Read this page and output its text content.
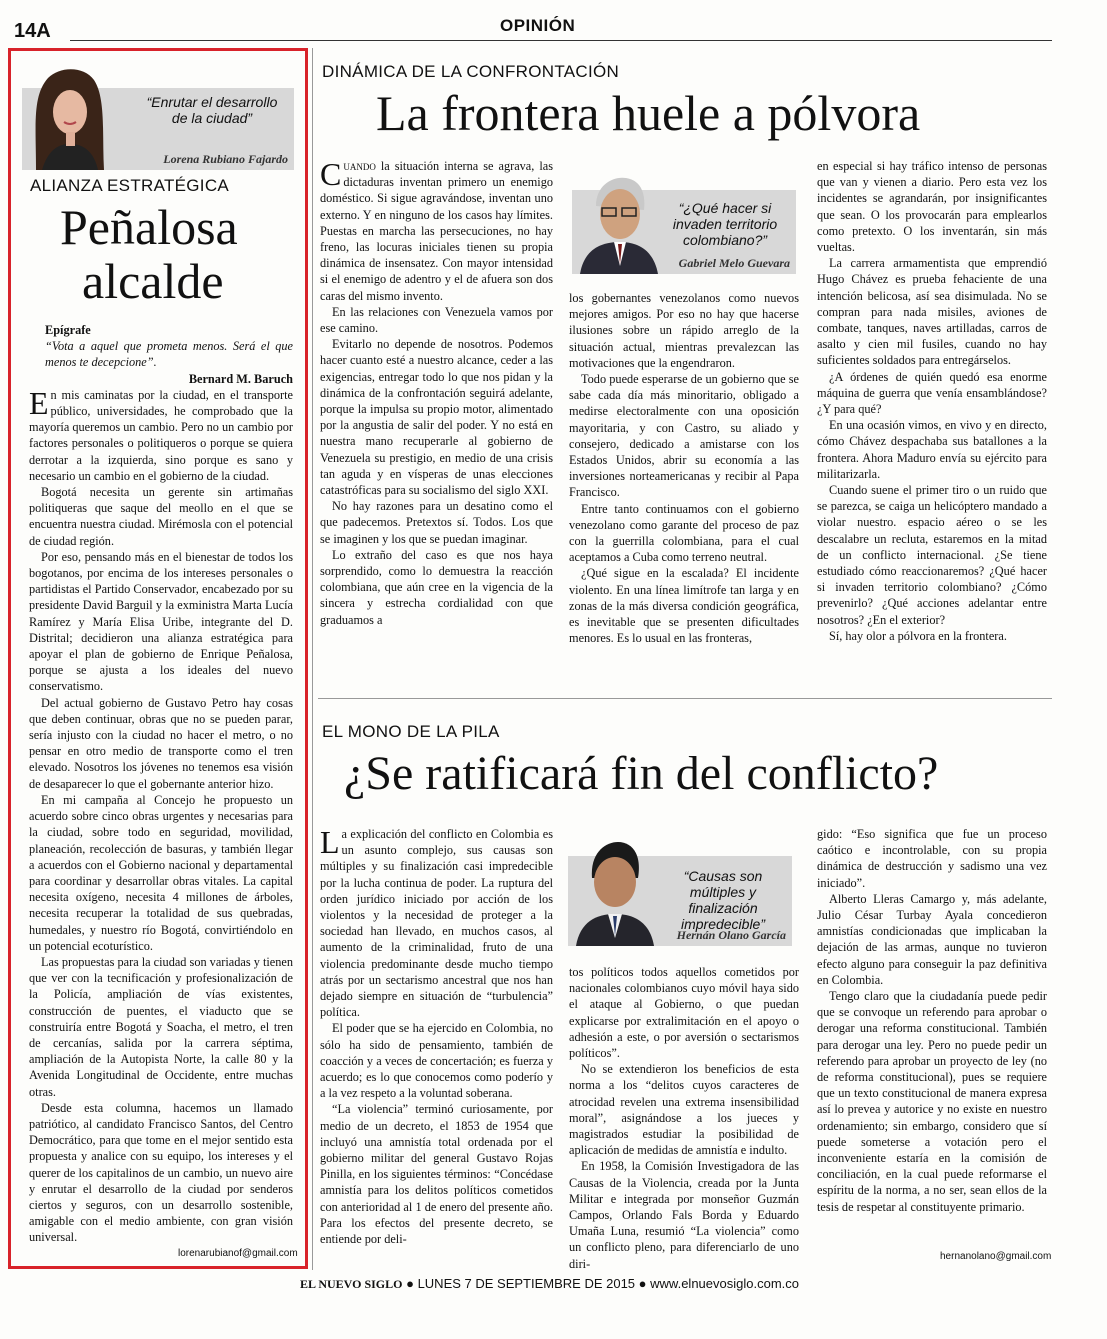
14A	OPINIÓN
“Enrutar el desarrollo de la ciudad”
Lorena Rubiano Fajardo
ALIANZA ESTRATÉGICA
Peñalosa
alcalde
Epígrafe
“Vota a aquel que prometa menos. Será el que menos te decepcione”.
Bernard M. Baruch

En mis caminatas por la ciudad, en el transporte público, universidades, he comprobado que la mayoría queremos un cambio. Pero no un cambio por factores personales o politiqueros o porque se quiera derrotar a la izquierda, sino porque es sano y necesario un cambio en el gobierno de la ciudad.

Bogotá necesita un gerente sin artimañas politiqueras que saque del meollo en el que se encuentra nuestra ciudad. Mirémosla con el potencial de ciudad región.

Por eso, pensando más en el bienestar de todos los bogotanos, por encima de los intereses personales o partidistas el Partido Conservador, encabezado por su presidente David Barguil y la exministra Marta Lucía Ramírez y María Elisa Uribe, integrante del D. Distrital; decidieron una alianza estratégica para apoyar el plan de gobierno de Enrique Peñalosa, porque se ajusta a los ideales del nuevo conservatismo.

Del actual gobierno de Gustavo Petro hay cosas que deben continuar, obras que no se pueden parar, sería injusto con la ciudad no hacer el metro, o no pensar en otro medio de transporte como el tren elevado. Nosotros los jóvenes no tenemos esa visión de desaparecer lo que el gobernante anterior hizo.

En mi campaña al Concejo he propuesto un acuerdo sobre cinco obras urgentes y necesarias para la ciudad, sobre todo en seguridad, movilidad, planeación, recolección de basuras, y también llegar a acuerdos con el Gobierno nacional y departamental para coordinar y desarrollar obras vitales. La capital necesita oxígeno, necesita 4 millones de árboles, necesita recuperar la totalidad de sus quebradas, humedales, y nuestro río Bogotá, convirtiéndolo en un potencial ecoturístico.

Las propuestas para la ciudad son variadas y tienen que ver con la tecnificación y profesionalización de la Policía, ampliación de vías existentes, construcción de puentes, el viaducto que se construiría entre Bogotá y Soacha, el metro, el tren de cercanías, salida por la carrera séptima, ampliación de la Autopista Norte, la calle 80 y la Avenida Longitudinal de Occidente, entre muchas otras.

Desde esta columna, hacemos un llamado patriótico, al candidato Francisco Santos, del Centro Democrático, para que tome en el mejor sentido esta propuesta y analice con su equipo, los intereses y el querer de los capitalinos de un cambio, un nuevo aire y enrutar el desarrollo de la ciudad por senderos ciertos y seguros, con un desarrollo sostenible, amigable con el medio ambiente, con gran visión universal.

lorenarubianof@gmail.com
DINÁMICA DE LA CONFRONTACIÓN
La frontera huele a pólvora

Cuando la situación interna se agrava, las dictaduras inventan primero un enemigo doméstico. Si sigue agravándose, inventan uno externo. Y en ninguno de los casos hay límites. Puestas en marcha las persecuciones, no hay freno, las locuras iniciales tienen su propia dinámica de insensatez. Con mayor intensidad si el enemigo de adentro y el de afuera son dos caras del mismo invento.

En las relaciones con Venezuela vamos por ese camino.

Evitarlo no depende de nosotros. Podemos hacer cuanto esté a nuestro alcance, ceder a las exigencias, entregar todo lo que nos pidan y la dinámica de la confrontación seguirá adelante, porque la impulsa su propio motor, alimentado por la angustia de salir del poder. Y no está en nuestra mano recuperarle al gobierno de Venezuela su prestigio, en medio de una crisis tan aguda y en vísperas de unas elecciones catastróficas para su socialismo del siglo XXI.

No hay razones para un desatino como el que padecemos. Pretextos sí. Todos. Los que se imaginen y los que se puedan imaginar.

Lo extraño del caso es que nos haya sorprendido, como lo demuestra la reacción colombiana, que aún cree en la vigencia de la sincera y estrecha cordialidad con que graduamos a

“¿Qué hacer si invaden territorio colombiano?”
Gabriel Melo Guevara

los gobernantes venezolanos como nuevos mejores amigos. Por eso no hay que hacerse ilusiones sobre un rápido arreglo de la situación actual, mientras prevalezcan las motivaciones que la engendraron.

Todo puede esperarse de un gobierno que se sabe cada día más minoritario, obligado a medirse electoralmente con una oposición mayoritaria, y con Castro, su aliado y consejero, dedicado a amistarse con los Estados Unidos, abrir su economía a las inversiones norteamericanas y recibir al Papa Francisco.

Entre tanto continuamos con el gobierno venezolano como garante del proceso de paz con la guerrilla colombiana, para el cual aceptamos a Cuba como terreno neutral.

¿Qué sigue en la escalada? El incidente violento. En una línea limítrofe tan larga y en zonas de la más diversa condición geográfica, es inevitable que se presenten dificultades menores. Es lo usual en las fronteras,

en especial si hay tráfico intenso de personas que van y vienen a diario. Pero esta vez los incidentes se agrandarán, por insignificantes que sean. O los provocarán para emplearlos como pretexto. O los inventarán, sin más vueltas.

La carrera armamentista que emprendió Hugo Chávez es prueba fehaciente de una intención belicosa, así sea disimulada. No se compran para nada misiles, aviones de combate, tanques, naves artilladas, carros de asalto y cien mil fusiles, cuando no hay suficientes soldados para entregárselos.

¿A órdenes de quién quedó esa enorme máquina de guerra que venía ensamblándose? ¿Y para qué?

En una ocasión vimos, en vivo y en directo, cómo Chávez despachaba sus batallones a la frontera. Ahora Maduro envía su ejército para militarizarla.

Cuando suene el primer tiro o un ruido que se parezca, se caiga un helicóptero mandado a violar nuestro. espacio aéreo o se les descalabre un recluta, estaremos en la mitad de un conflicto internacional. ¿Se tiene estudiado cómo reaccionaremos? ¿Qué hacer si invaden territorio colombiano? ¿Cómo prevenirlo? ¿Qué acciones adelantar entre nosotros? ¿En el exterior?

Sí, hay olor a pólvora en la frontera.

EL MONO DE LA PILA
¿Se ratificará fin del conflicto?

La explicación del conflicto en Colombia es un asunto complejo, sus causas son múltiples y su finalización casi impredecible por la lucha continua de poder. La ruptura del orden jurídico iniciado por acción de los violentos y la necesidad de proteger a la sociedad han llevado, en muchos casos, al aumento de la criminalidad, fruto de una violencia predominante desde mucho tiempo atrás por un sectarismo ancestral que nos han dejado siempre en situación de “turbulencia” política.

El poder que se ha ejercido en Colombia, no sólo ha sido de pensamiento, también de coacción y a veces de concertación; es fuerza y acuerdo; es lo que conocemos como poderío y a la vez respeto a la voluntad soberana.

“La violencia” terminó curiosamente, por medio de un decreto, el 1853 de 1954 que incluyó una amnistía total ordenada por el gobierno militar del general Gustavo Rojas Pinilla, en los siguientes términos: “Concédase amnistía para los delitos políticos cometidos con anterioridad al 1 de enero del presente año. Para los efectos del presente decreto, se entiende por deli-

“Causas son múltiples y finalización impredecible”
Hernán Olano García

tos políticos todos aquellos cometidos por nacionales colombianos cuyo móvil haya sido el ataque al Gobierno, o que puedan explicarse por extralimitación en el apoyo o adhesión a este, o por aversión o sectarismos políticos”.

No se extendieron los beneficios de esta norma a los “delitos cuyos caracteres de atrocidad revelen una extrema insensibilidad moral”, asignándose a los jueces y magistrados estudiar la posibilidad de aplicación de medidas de amnistía e indulto.

En 1958, la Comisión Investigadora de las Causas de la Violencia, creada por la Junta Militar e integrada por monseñor Guzmán Campos, Orlando Fals Borda y Eduardo Umaña Luna, resumió “La violencia” como un conflicto pleno, para diferenciarlo de uno diri-

gido: “Eso significa que fue un proceso caótico e incontrolable, con su propia dinámica de destrucción y sadismo una vez iniciado”.

Alberto Lleras Camargo y, más adelante, Julio César Turbay Ayala concedieron amnistías condicionadas que implicaban la dejación de las armas, aunque no tuvieron efecto alguno para conseguir la paz definitiva en Colombia.

Tengo claro que la ciudadanía puede pedir que se convoque un referendo para aprobar o derogar una reforma constitucional. También para derogar una ley. Pero no puede pedir un referendo para aprobar un proyecto de ley (no de reforma constitucional), pues se requiere que un texto constitucional de manera expresa así lo prevea y autorice y no existe en nuestro ordenamiento; sin embargo, considero que sí puede someterse a votación pero el inconveniente estaría en la comisión de conciliación, en la cual puede reformarse el espíritu de la norma, a no ser, sean ellos de la tesis de respetar al constituyente primario.

hernanolano@gmail.com
EL NUEVO SIGLO ● LUNES 7 DE SEPTIEMBRE DE 2015 ● www.elnuevosiglo.com.co
